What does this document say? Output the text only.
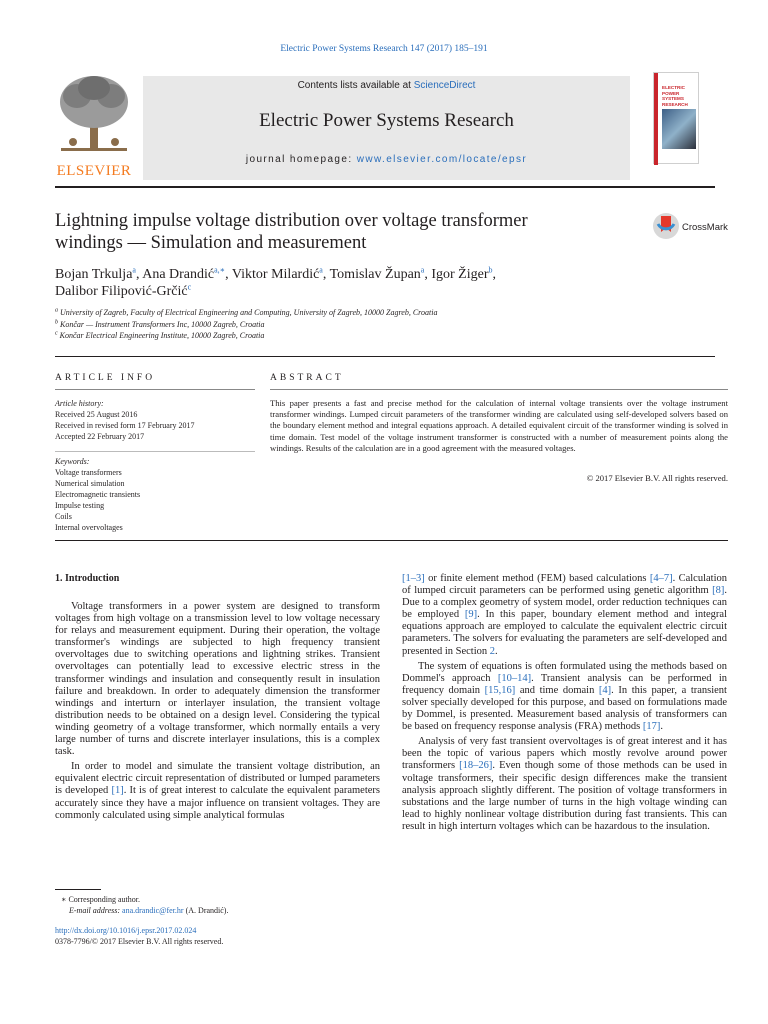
Electric Power Systems Research 147 (2017) 185–191
ELSEVIER
Contents lists available at ScienceDirect
Electric Power Systems Research
journal homepage: www.elsevier.com/locate/epsr
ELECTRIC POWER
SYSTEMS RESEARCH
Lightning impulse voltage distribution over voltage transformer
windings — Simulation and measurement
CrossMark
Bojan Trkulja$^a$, Ana Drandić$^{a,∗}$, Viktor Milardić$^a$, Tomislav Župan$^a$, Igor Žiger$^b$,
Dalibor Filipović-Grčić$^c$
$^a$ University of Zagreb, Faculty of Electrical Engineering and Computing, University of Zagreb, 10000 Zagreb, Croatia
$^b$ Končar — Instrument Transformers Inc, 10000 Zagreb, Croatia
$^c$ Končar Electrical Engineering Institute, 10000 Zagreb, Croatia
ARTICLE INFO	ABSTRACT
Article history:
Received 25 August 2016
Received in revised form 17 February 2017
Accepted 22 February 2017
Keywords:
Voltage transformers
Numerical simulation
Electromagnetic transients
Impulse testing
Coils
Internal overvoltages
This paper presents a fast and precise method for the calculation of internal voltage transients over the voltage instrument transformer windings. Lumped circuit parameters of the transformer winding are calculated using self-developed solvers based on the boundary element method and integral equations approach. A detailed equivalent circuit of the transformer winding is solved in time domain. Test model of the voltage instrument transformer is constructed with a number of measurement points along the windings. Results of the calculation are in a good agreement with the measured voltages.
© 2017 Elsevier B.V. All rights reserved.
1. Introduction

Voltage transformers in a power system are designed to transform voltages from high voltage on a transmission level to low voltage necessary for relays and measurement equipment. During their operation, the voltage transformer's windings are subjected to high frequency transient overvoltages due to switching operations and lightning strikes. Transient overvoltages can potentially lead to excessive electric stress in the transformer windings and insulation and consequently result in insulation failure and breakdown. In order to adequately dimension the transformer windings and interturn or interlayer insulation, the transient voltage distribution needs to be obtained on a design level. Considering the typical winding geometry of a voltage transformer, which normally entails a very large number of turns and discrete interlayer insulations, this is a complex task.

In order to model and simulate the transient voltage distribution, an equivalent electric circuit representation of distributed or lumped parameters is developed [1]. It is of great interest to calculate the equivalent parameters accurately since they have a major influence on transient voltages. They are commonly calculated using simple analytical formulas

[1–3] or finite element method (FEM) based calculations [4–7]. Calculation of lumped circuit parameters can be performed using genetic algorithm [8]. Due to a complex geometry of system model, order reduction techniques can be employed [9]. In this paper, boundary element method and integral equations approach are employed to calculate the equivalent electric circuit parameters. The solvers for evaluating the parameters are self-developed and presented in Section 2.

The system of equations is often formulated using the methods based on Dommel's approach [10–14]. Transient analysis can be performed in frequency domain [15,16] and time domain [4]. In this paper, a transient solver specially developed for this purpose, and based on formulations made by Dommel, is presented. Measurement based analysis of transformers can be based on frequency response analysis (FRA) methods [17].

Analysis of very fast transient overvoltages is of great interest and it has been the topic of various papers which mostly revolve around power transformers [18–26]. Even though some of those methods can be used in voltage transformers, their specific design differences make the transient analysis approach slightly different. The position of voltage transformers in substations and the large number of turns in the high voltage winding can lead to highly nonlinear voltage distribution during fast transients. This can result in high interturn voltages which can be hazardous to the insulation.

∗ Corresponding author.
E-mail address: ana.drandic@fer.hr (A. Drandić).
http://dx.doi.org/10.1016/j.epsr.2017.02.024
0378-7796/© 2017 Elsevier B.V. All rights reserved.
